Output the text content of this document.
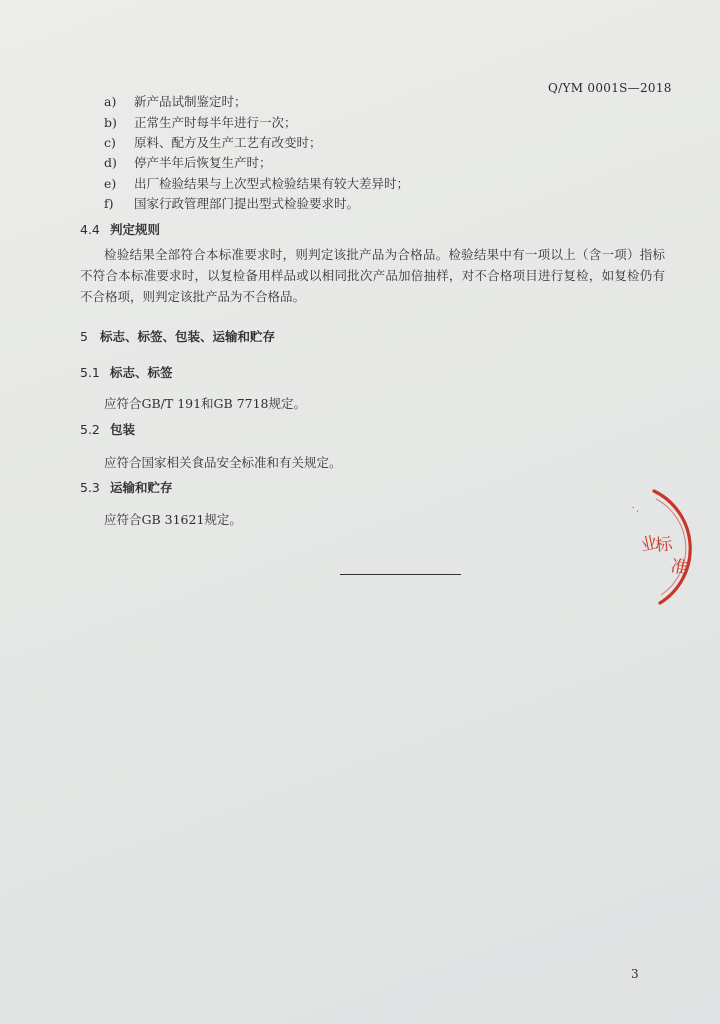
Q/YM 0001S—2018
a) 新产品试制鉴定时；
b) 正常生产时每半年进行一次；
c) 原料、配方及生产工艺有改变时；
d) 停产半年后恢复生产时；
e) 出厂检验结果与上次型式检验结果有较大差异时；
f) 国家行政管理部门提出型式检验要求时。
4.4 判定规则
检验结果全部符合本标准要求时，则判定该批产品为合格品。检验结果中有一项以上（含一项）指标不符合本标准要求时，以复检备用样品或以相同批次产品加倍抽样，对不合格项目进行复检，如复检仍有不合格项，则判定该批产品为不合格品。
5 标志、标签、包装、运输和贮存
5.1 标志、标签
应符合GB/T 191和GB 7718规定。
5.2 包装
应符合国家相关食品安全标准和有关规定。
5.3 运输和贮存
应符合GB 31621规定。
· ·
业
标
准
3
